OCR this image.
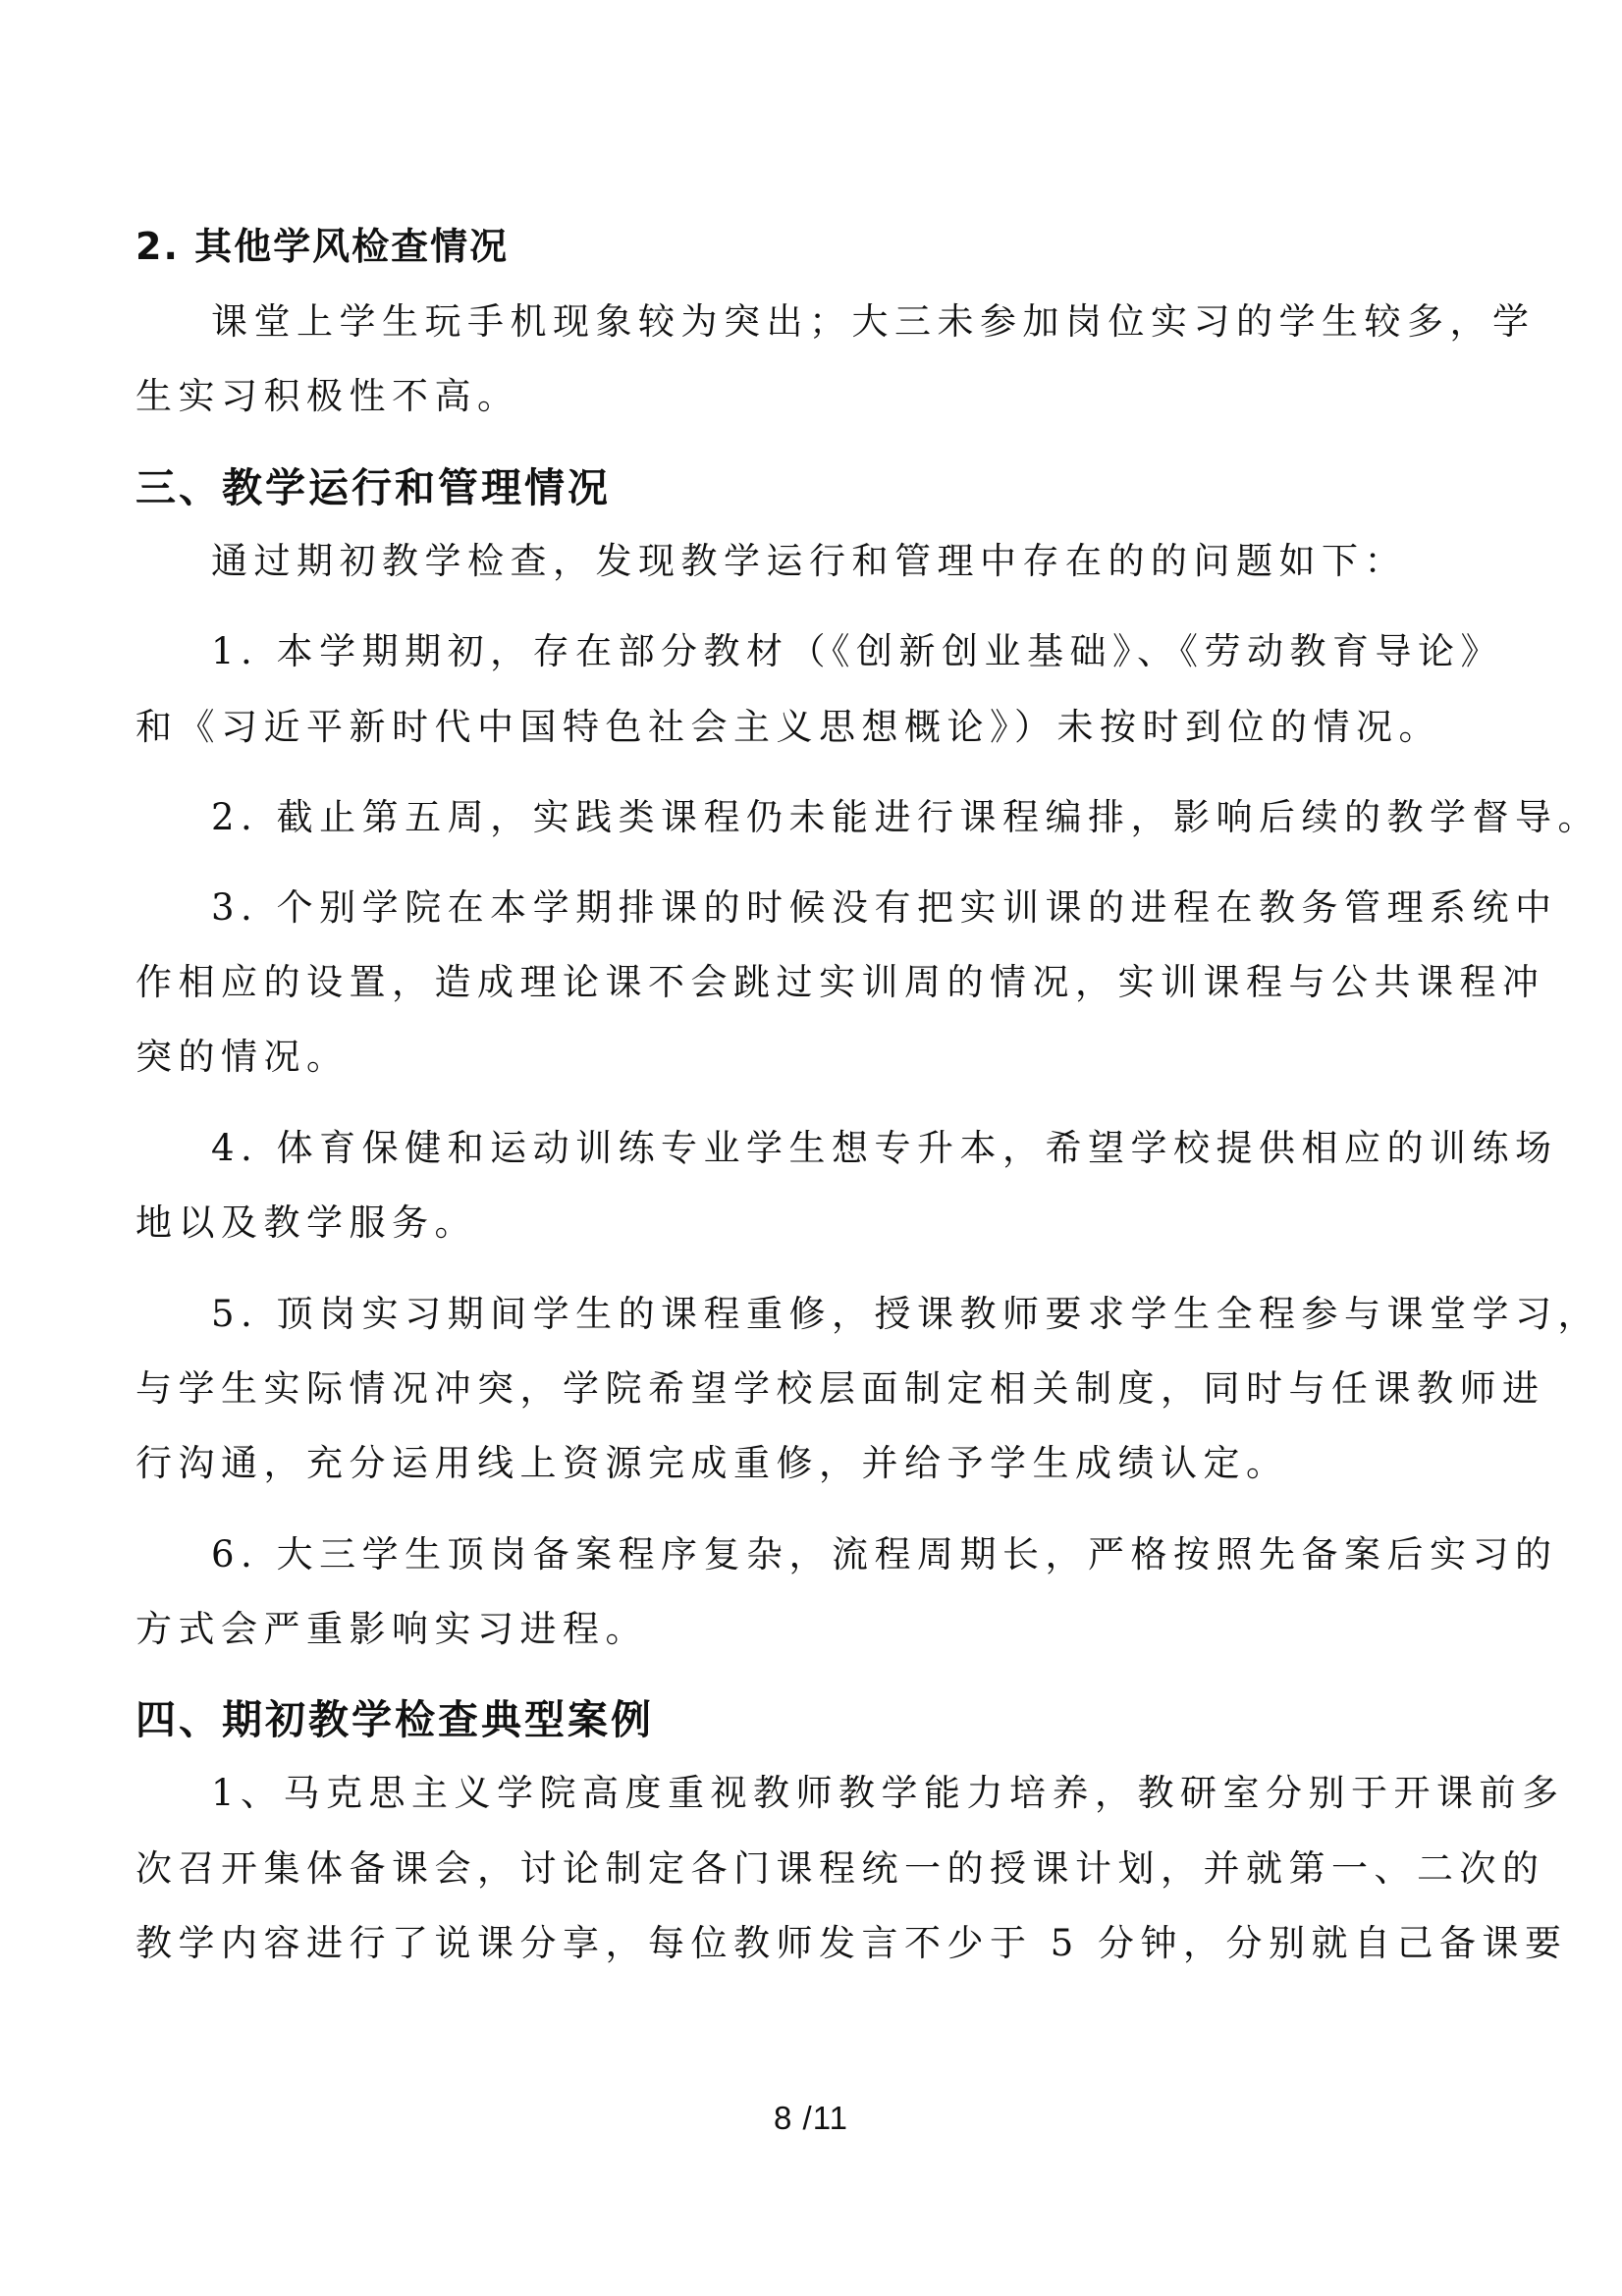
2. 其他学风检查情况
课堂上学生玩手机现象较为突出；大三未参加岗位实习的学生较多，学
生实习积极性不高。
三、教学运行和管理情况
通过期初教学检查，发现教学运行和管理中存在的的问题如下：
1. 本学期期初，存在部分教材（《创新创业基础》、《劳动教育导论》
和《习近平新时代中国特色社会主义思想概论》）未按时到位的情况。
2. 截止第五周，实践类课程仍未能进行课程编排，影响后续的教学督导。
3. 个别学院在本学期排课的时候没有把实训课的进程在教务管理系统中
作相应的设置，造成理论课不会跳过实训周的情况，实训课程与公共课程冲
突的情况。
4. 体育保健和运动训练专业学生想专升本，希望学校提供相应的训练场
地以及教学服务。
5. 顶岗实习期间学生的课程重修，授课教师要求学生全程参与课堂学习，
与学生实际情况冲突，学院希望学校层面制定相关制度，同时与任课教师进
行沟通，充分运用线上资源完成重修，并给予学生成绩认定。
6. 大三学生顶岗备案程序复杂，流程周期长，严格按照先备案后实习的
方式会严重影响实习进程。
四、期初教学检查典型案例
1、马克思主义学院高度重视教师教学能力培养，教研室分别于开课前多
次召开集体备课会，讨论制定各门课程统一的授课计划，并就第一、二次的
教学内容进行了说课分享，每位教师发言不少于 5 分钟，分别就自己备课要
8 /11
